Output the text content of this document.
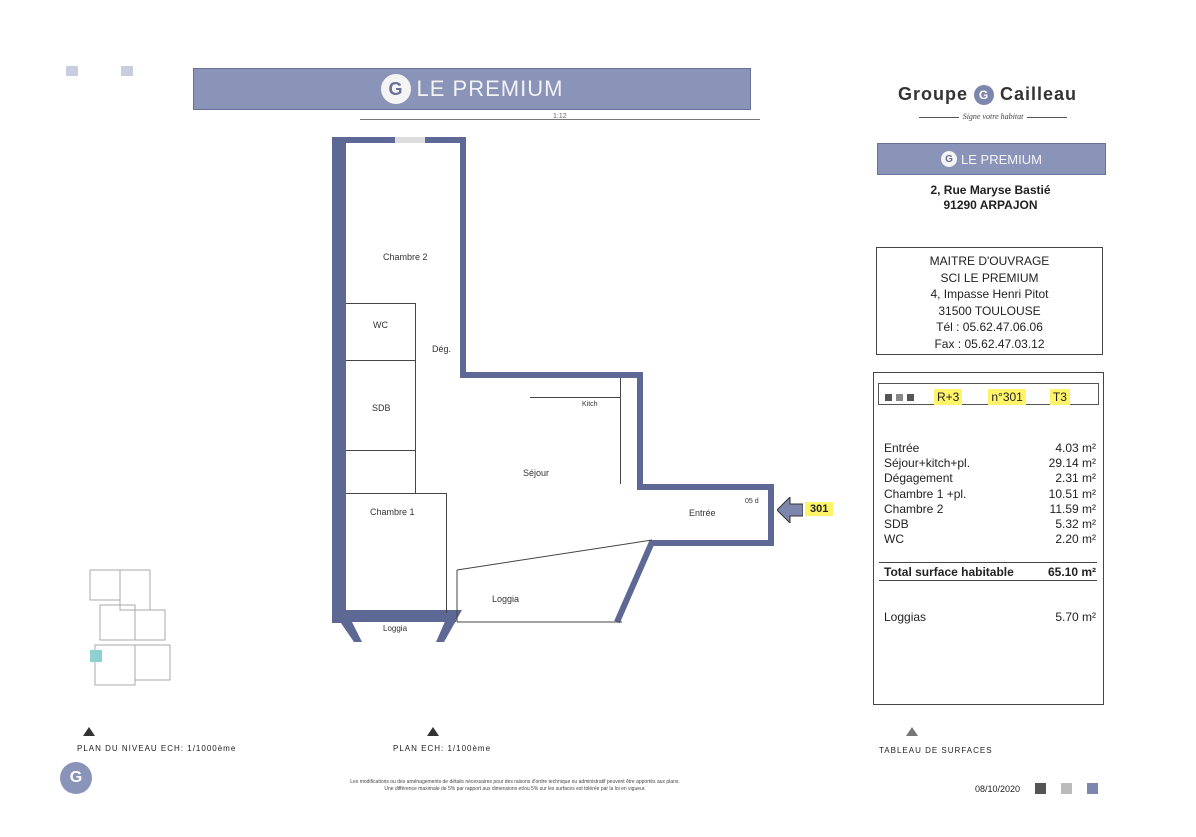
G LE PREMIUM
1:12
Groupe G Cailleau
Signe votre habitat
G LE PREMIUM
2, Rue Maryse Bastié
91290 ARPAJON
MAITRE D'OUVRAGE
SCI LE PREMIUM
4, Impasse Henri Pitot
31500 TOULOUSE
Tél : 05.62.47.06.06
Fax : 05.62.47.03.12
R+3	n°301	T3
Entrée	4.03 m²
Séjour+kitch+pl.	29.14 m²
Dégagement	2.31 m²
Chambre 1 +pl.	10.51 m²
Chambre 2	11.59 m²
SDB	5.32 m²
WC	2.20 m²
Total surface habitable	65.10 m²
Loggias	5.70 m²
Chambre 2
WC
Dég.
SDB
Séjour
Kitch
Chambre 1	Entrée
Loggia
Loggia
05 d
301
PLAN DU NIVEAU ECH: 1/1000ème	PLAN ECH: 1/100ème	TABLEAU DE SURFACES
G	Les modifications ou des aménagements de détails nécessaires pour des raisons d'ordre technique ou administratif peuvent être apportés aux plans.
Une différence maximale de 5% par rapport aux dimensions et/ou 5% sur les surfaces est tolérée par la loi en vigueur.	08/10/2020
